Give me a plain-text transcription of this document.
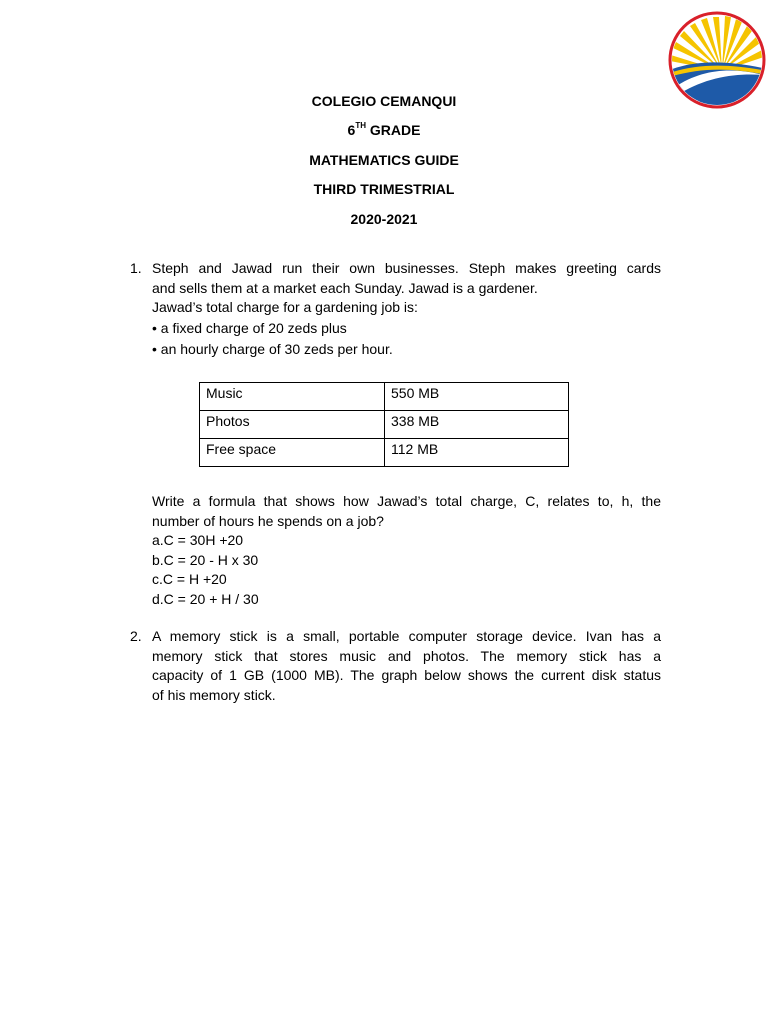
COLEGIO CEMANQUI
6TH GRADE
MATHEMATICS GUIDE
THIRD TRIMESTRIAL
2020-2021
1. Steph and Jawad run their own businesses. Steph makes greeting cards
and sells them at a market each Sunday. Jawad is a gardener.
Jawad’s total charge for a gardening job is:
• a fixed charge of 20 zeds plus
• an hourly charge of 30 zeds per hour.
Music	550 MB
Photos	338 MB
Free space	112 MB
Write a formula that shows how Jawad’s total charge, C, relates to, h, the
number of hours he spends on a job?
a.C = 30H +20
b.C = 20 - H x 30
c.C = H +20
d.C = 20 + H / 30
2. A memory stick is a small, portable computer storage device. Ivan has a
memory stick that stores music and photos. The memory stick has a
capacity of 1 GB (1000 MB). The graph below shows the current disk status
of his memory stick.
